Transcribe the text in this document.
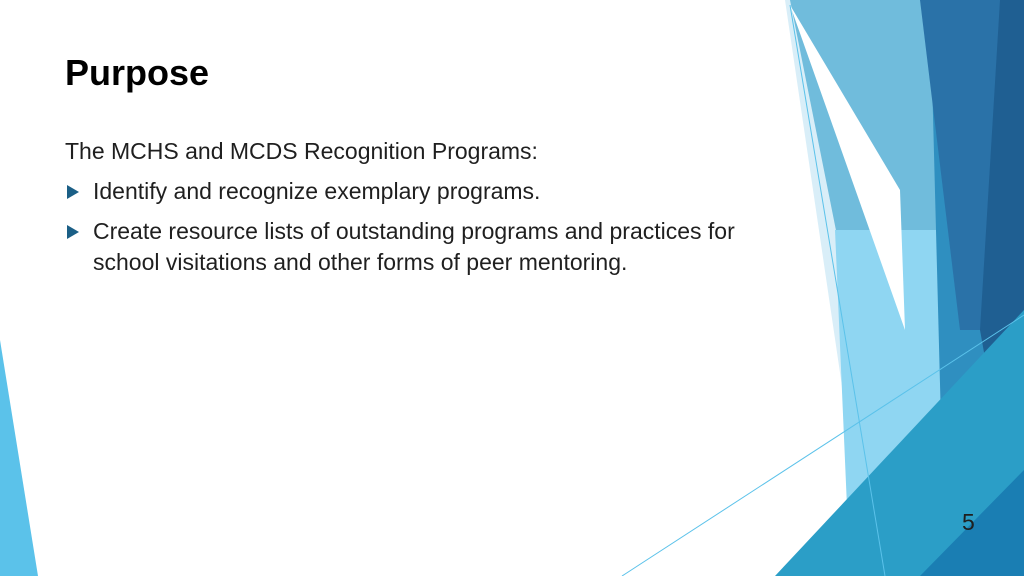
Purpose

The MCHS and MCDS Recognition Programs:

Identify and recognize exemplary programs.
Create resource lists of outstanding programs and practices for school visitations and other forms of peer mentoring.
5
